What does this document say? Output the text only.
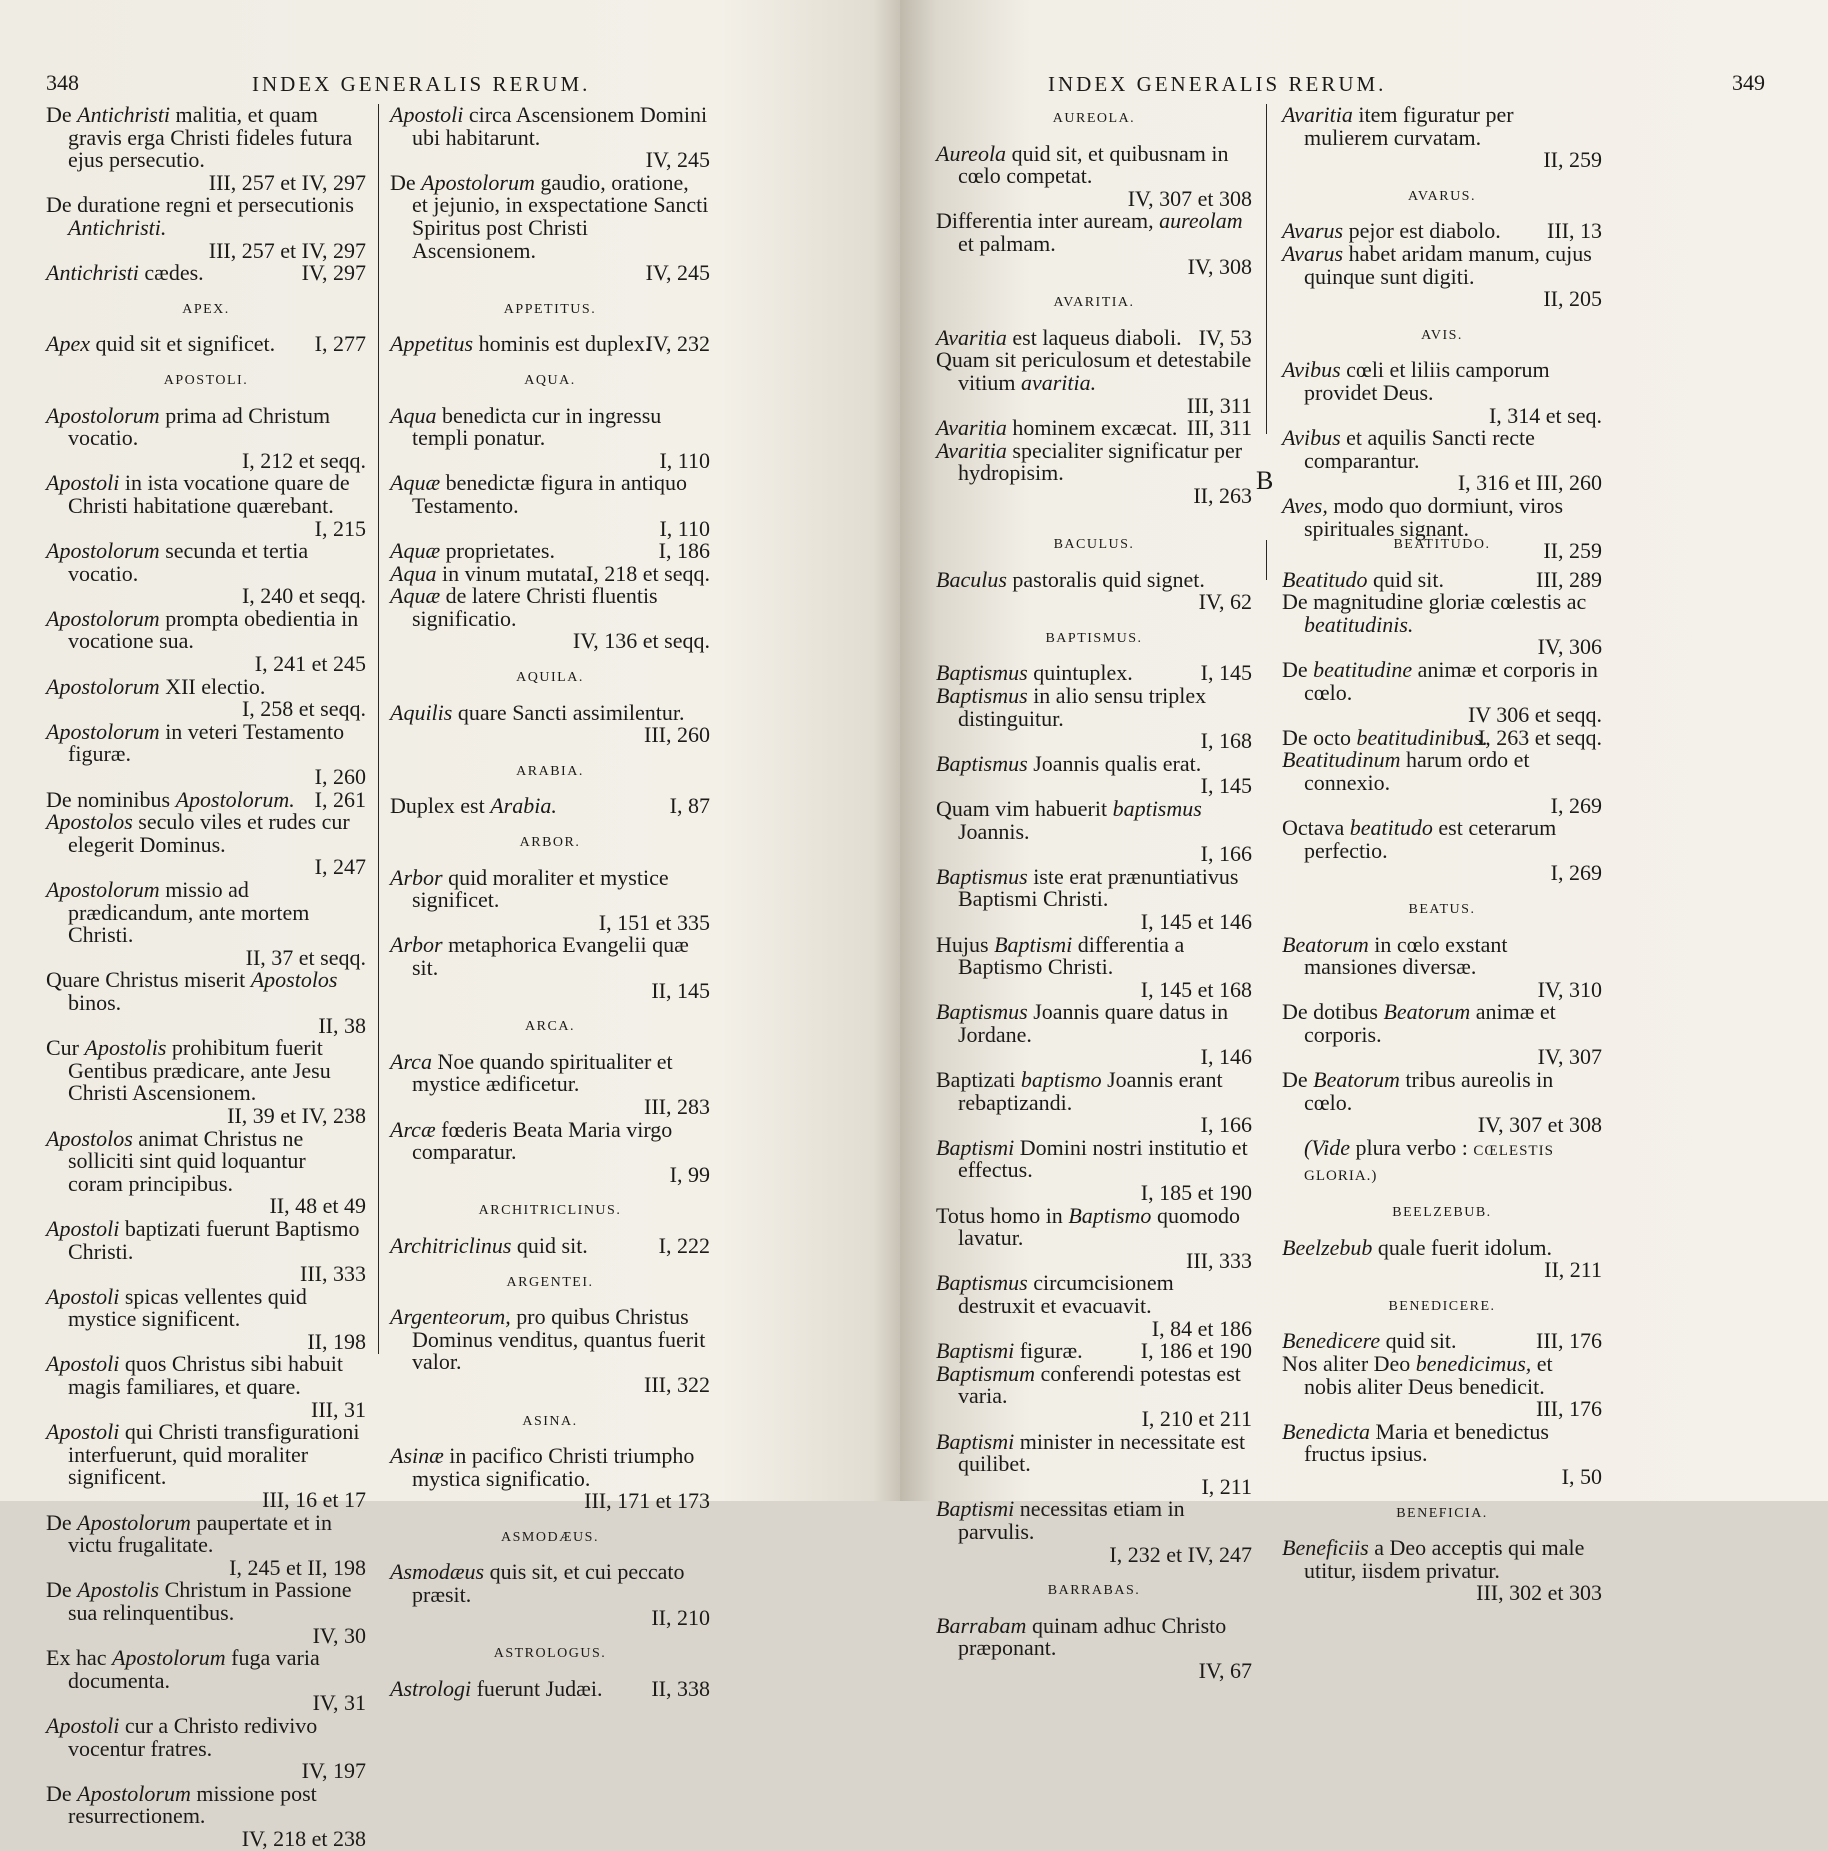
348	INDEX GENERALIS RERUM.
De Antichristi malitia, et quam gravis erga Christi fideles futura ejus persecutio.
III, 257 et IV, 297
De duratione regni et persecutionis Antichristi.
III, 257 et IV, 297
Antichristi cædes.	IV, 297
APEX.
Apex quid sit et significet. I, 277
APOSTOLI.
Apostolorum prima ad Christum vocatio.
I, 212 et seqq.
Apostoli in ista vocatione quare de Christi habitatione quærebant.
I, 215
Apostolorum secunda et tertia vocatio.
I, 240 et seqq.
Apostolorum prompta obedientia in vocatione sua.
I, 241 et 245
Apostolorum XII electio.
I, 258 et seqq.
Apostolorum in veteri Testamento figuræ.
I, 260
De nominibus Apostolorum. I, 261
Apostolos seculo viles et rudes cur elegerit Dominus.
I, 247
Apostolorum missio ad prædicandum, ante mortem Christi.
II, 37 et seqq.
Quare Christus miserit Apostolos binos.
II, 38
Cur Apostolis prohibitum fuerit Gentibus prædicare, ante Jesu Christi Ascensionem.
II, 39 et IV, 238
Apostolos animat Christus ne solliciti sint quid loquantur coram principibus.
II, 48 et 49
Apostoli baptizati fuerunt Baptismo Christi.
III, 333
Apostoli spicas vellentes quid mystice significent.
II, 198
Apostoli quos Christus sibi habuit magis familiares, et quare.
III, 31
Apostoli qui Christi transfigurationi interfuerunt, quid moraliter significent.
III, 16 et 17
De Apostolorum paupertate et in victu frugalitate.
I, 245 et II, 198
De Apostolis Christum in Passione sua relinquentibus.
IV, 30
Ex hac Apostolorum fuga varia documenta.
IV, 31
Apostoli cur a Christo redivivo vocentur fratres.
IV, 197
De Apostolorum missione post resurrectionem.
IV, 218 et 238
Apostoli circa Ascensionem Domini ubi habitarunt.
IV, 245
De Apostolorum gaudio, oratione, et jejunio, in exspectatione Sancti Spiritus post Christi Ascensionem.
IV, 245
APPETITUS.
Appetitus hominis est duplex.
IV, 232
AQUA.
Aqua benedicta cur in ingressu templi ponatur.
I, 110
Aquæ benedictæ figura in antiquo Testamento.
I, 110
Aquæ proprietates.	I, 186
Aqua in vinum mutata.
I, 218 et seqq.
Aquæ de latere Christi fluentis significatio.
IV, 136 et seqq.
AQUILA.
Aquilis quare Sancti assimilentur.
III, 260
ARABIA.
Duplex est Arabia.	I, 87
ARBOR.
Arbor quid moraliter et mystice significet.
I, 151 et 335
Arbor metaphorica Evangelii quæ sit.
II, 145
ARCA.
Arca Noe quando spiritualiter et mystice ædificetur.
III, 283
Arcæ fœderis Beata Maria virgo comparatur.
I, 99
ARCHITRICLINUS.
Architriclinus quid sit.	I, 222
ARGENTEI.
Argenteorum, pro quibus Christus Dominus venditus, quantus fuerit valor.
III, 322
ASINA.
Asinæ in pacifico Christi triumpho mystica significatio.
III, 171 et 173
ASMODÆUS.
Asmodæus quis sit, et cui peccato præsit.
II, 210
ASTROLOGUS.
Astrologi fuerunt Judæi. II, 338
INDEX GENERALIS RERUM.	349
AUREOLA.
Aureola quid sit, et quibusnam in cœlo competat.
IV, 307 et 308
Differentia inter auream, aureolam et palmam.
IV, 308
AVARITIA.
Avaritia est laqueus diaboli. IV, 53
Quam sit periculosum et detestabile vitium avaritia.
III, 311
Avaritia hominem excæcat. III, 311
Avaritia specialiter significatur per hydropisim.
II, 263
Avaritia item figuratur per mulierem curvatam.
II, 259
AVARUS.
Avarus pejor est diabolo. III, 13
Avarus habet aridam manum, cujus quinque sunt digiti.
II, 205
AVIS.
Avibus cœli et liliis camporum providet Deus.
I, 314 et seq.
Avibus et aquilis Sancti recte comparantur.
I, 316 et III, 260
Aves, modo quo dormiunt, viros spirituales signant.
II, 259
B
BACULUS.
Baculus pastoralis quid signet.
IV, 62
BAPTISMUS.
Baptismus quintuplex.	I, 145
Baptismus in alio sensu triplex distinguitur.
I, 168
Baptismus Joannis qualis erat.
I, 145
Quam vim habuerit baptismus Joannis.
I, 166
Baptismus iste erat prænuntiativus Baptismi Christi.
I, 145 et 146
Hujus Baptismi differentia a Baptismo Christi.
I, 145 et 168
Baptismus Joannis quare datus in Jordane.
I, 146
Baptizati baptismo Joannis erant rebaptizandi.
I, 166
Baptismi Domini nostri institutio et effectus.
I, 185 et 190
Totus homo in Baptismo quomodo lavatur.
III, 333
Baptismus circumcisionem destruxit et evacuavit.
I, 84 et 186
Baptismi figuræ.	I, 186 et 190
Baptismum conferendi potestas est varia.
I, 210 et 211
Baptismi minister in necessitate est quilibet.
I, 211
Baptismi necessitas etiam in parvulis.
I, 232 et IV, 247
BARRABAS.
Barrabam quinam adhuc Christo præponant.
IV, 67
BEATITUDO.
Beatitudo quid sit.	III, 289
De magnitudine gloriæ cœlestis ac beatitudinis.
IV, 306
De beatitudine animæ et corporis in cœlo.
IV 306 et seqq.
De octo beatitudinibus.
I, 263 et seqq.
Beatitudinum harum ordo et connexio.
I, 269
Octava beatitudo est ceterarum perfectio.
I, 269
BEATUS.
Beatorum in cœlo exstant mansiones diversæ.
IV, 310
De dotibus Beatorum animæ et corporis.
IV, 307
De Beatorum tribus aureolis in cœlo.
IV, 307 et 308
(Vide plura verbo : CŒLESTIS GLORIA.)
BEELZEBUB.
Beelzebub quale fuerit idolum.
II, 211
BENEDICERE.
Benedicere quid sit.	III, 176
Nos aliter Deo benedicimus, et nobis aliter Deus benedicit.
III, 176
Benedicta Maria et benedictus fructus ipsius.
I, 50
BENEFICIA.
Beneficiis a Deo acceptis qui male utitur, iisdem privatur.
III, 302 et 303
